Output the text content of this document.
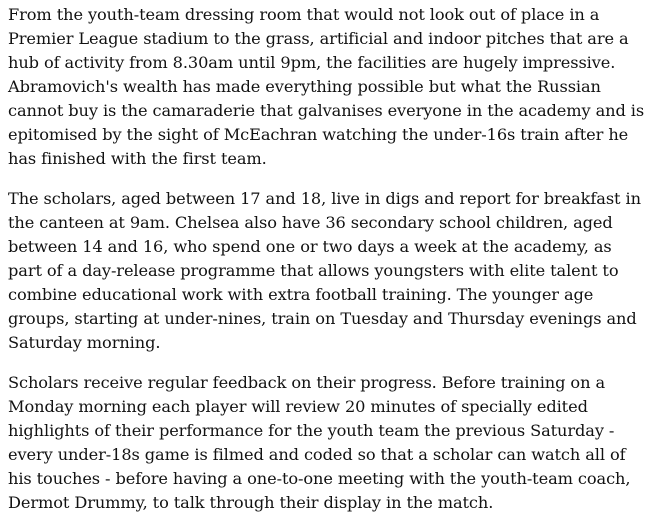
From the youth-team dressing room that would not look out of place in a Premier League stadium to the grass, artificial and indoor pitches that are a hub of activity from 8.30am until 9pm, the facilities are hugely impressive. Abramovich's wealth has made everything possible but what the Russian cannot buy is the camaraderie that galvanises everyone in the academy and is epitomised by the sight of McEachran watching the under-16s train after he has finished with the first team.

The scholars, aged between 17 and 18, live in digs and report for breakfast in the canteen at 9am. Chelsea also have 36 secondary school children, aged between 14 and 16, who spend one or two days a week at the academy, as part of a day-release programme that allows youngsters with elite talent to combine educational work with extra football training. The younger age groups, starting at under-nines, train on Tuesday and Thursday evenings and Saturday morning.

Scholars receive regular feedback on their progress. Before training on a Monday morning each player will review 20 minutes of specially edited highlights of their performance for the youth team the previous Saturday - every under-18s game is filmed and coded so that a scholar can watch all of his touches - before having a one-to-one meeting with the youth-team coach, Dermot Drummy, to talk through their display in the match.
